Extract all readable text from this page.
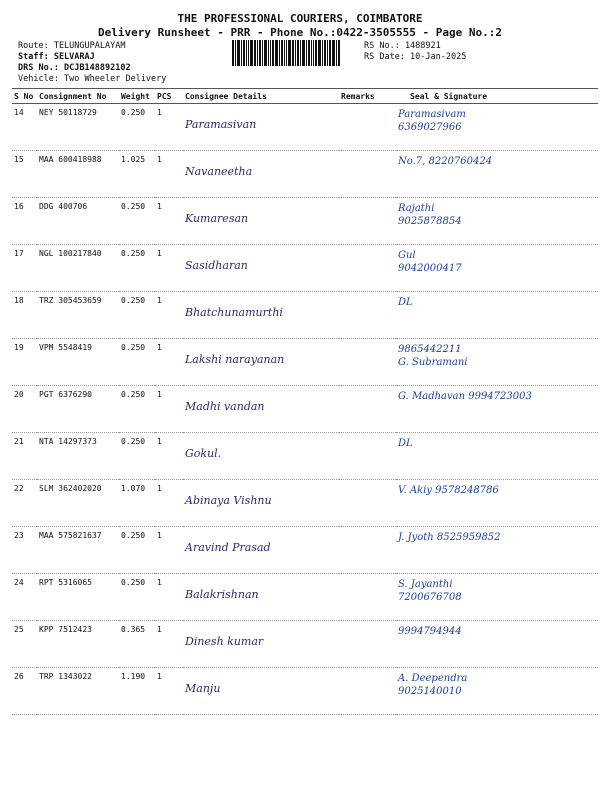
THE PROFESSIONAL COURIERS, COIMBATORE
Delivery Runsheet - PRR - Phone No.:0422-3505555 - Page No.:2
Route: TELUNGUPALAYAM
Staff: SELVARAJ
DRS No.: DCJB148892102
Vehicle: Two Wheeler Delivery
RS No.: 1488921
RS Date: 10-Jan-2025
S No	Consignment No	Weight	PCS	Consignee Details	Remarks	Seal & Signature
14	NEY 50118729	0.250	1	Paramasivan		Paramasivam
6369027966

15	MAA 600418988	1.025	1	Navaneetha		No.7, 8220760424

16	DDG 400706	0.250	1	Kumaresan		Rajathi
9025878854

17	NGL 100217840	0.250	1	Sasidharan		Gul
9042000417

18	TRZ 305453659	0.250	1	Bhatchunamurthi		DL

19	VPM 5548419	0.250	1	Lakshi narayanan		9865442211
G. Subramani

20	PGT 6376290	0.250	1	Madhi vandan		G. Madhavan 9994723003

21	NTA 14297373	0.250	1	Gokul.		DL

22	SLM 362402020	1.070	1	Abinaya Vishnu		V. Akiy 9578248786

23	MAA 575821637	0.250	1	Aravind Prasad		J. Jyoth 8525959852

24	RPT 5316065	0.250	1	Balakrishnan		S. Jayanthi
7200676708

25	KPP 7512423	0.365	1	Dinesh kumar		9994794944

26	TRP 1343022	1.190	1	Manju		A. Deependra
9025140010
